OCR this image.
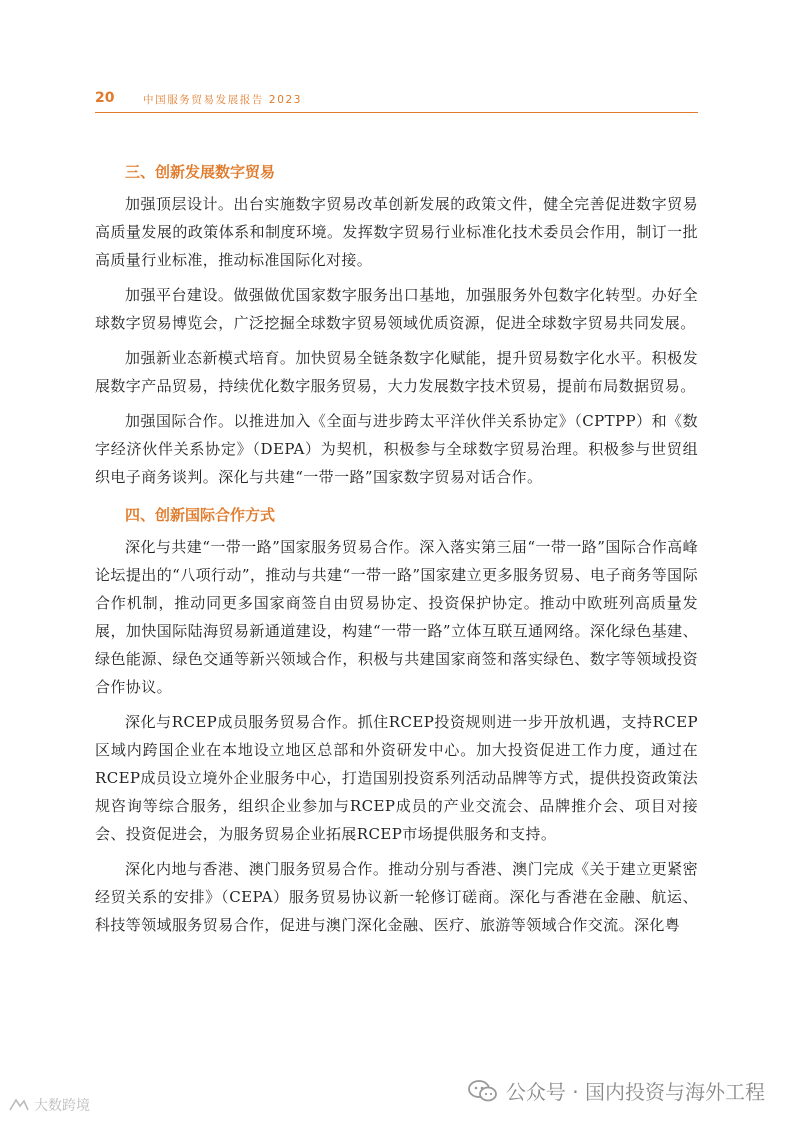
20	中国服务贸易发展报告 2023
三、创新发展数字贸易

加强顶层设计。出台实施数字贸易改革创新发展的政策文件，健全完善促进数字贸易高质量发展的政策体系和制度环境。发挥数字贸易行业标准化技术委员会作用，制订一批高质量行业标准，推动标准国际化对接。

加强平台建设。做强做优国家数字服务出口基地，加强服务外包数字化转型。办好全球数字贸易博览会，广泛挖掘全球数字贸易领域优质资源，促进全球数字贸易共同发展。

加强新业态新模式培育。加快贸易全链条数字化赋能，提升贸易数字化水平。积极发展数字产品贸易，持续优化数字服务贸易，大力发展数字技术贸易，提前布局数据贸易。

加强国际合作。以推进加入《全面与进步跨太平洋伙伴关系协定》（CPTPP）和《数字经济伙伴关系协定》（DEPA）为契机，积极参与全球数字贸易治理。积极参与世贸组织电子商务谈判。深化与共建“一带一路”国家数字贸易对话合作。

四、创新国际合作方式

深化与共建“一带一路”国家服务贸易合作。深入落实第三届“一带一路”国际合作高峰论坛提出的“八项行动”，推动与共建“一带一路”国家建立更多服务贸易、电子商务等国际合作机制，推动同更多国家商签自由贸易协定、投资保护协定。推动中欧班列高质量发展，加快国际陆海贸易新通道建设，构建“一带一路”立体互联互通网络。深化绿色基建、绿色能源、绿色交通等新兴领域合作，积极与共建国家商签和落实绿色、数字等领域投资合作协议。

深化与RCEP成员服务贸易合作。抓住RCEP投资规则进一步开放机遇，支持RCEP区域内跨国企业在本地设立地区总部和外资研发中心。加大投资促进工作力度，通过在RCEP成员设立境外企业服务中心，打造国别投资系列活动品牌等方式，提供投资政策法规咨询等综合服务，组织企业参加与RCEP成员的产业交流会、品牌推介会、项目对接会、投资促进会，为服务贸易企业拓展RCEP市场提供服务和支持。

深化内地与香港、澳门服务贸易合作。推动分别与香港、澳门完成《关于建立更紧密经贸关系的安排》（CEPA）服务贸易协议新一轮修订磋商。深化与香港在金融、航运、科技等领域服务贸易合作，促进与澳门深化金融、医疗、旅游等领域合作交流。深化粤

公众号 · 国内投资与海外工程
大数跨境
